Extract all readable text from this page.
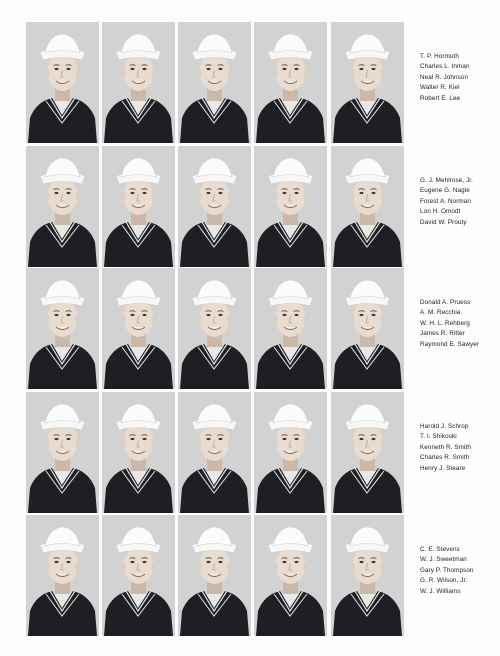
T. P. Hormuth
Charles L. Inman
Neal R. Johnson
Walter R. Kiel
Robert E. Lee
G. J. Mehlrose, Jr.
Eugene G. Nagle
Forest A. Norman
Lon H. Omodt
David W. Prouty
Donald A. Pruess
A. M. Recchia
W. H. L. Rehberg
James R. Ritter
Raymond E. Sawyer
Harold J. Schrop
T. I. Shikoski
Kenneth R. Smith
Charles R. Smith
Henry J. Steare
C. E. Stevens
W. J. Sweetman
Gary P. Thompson
G. R. Wilson, Jr.
W. J. Williams
